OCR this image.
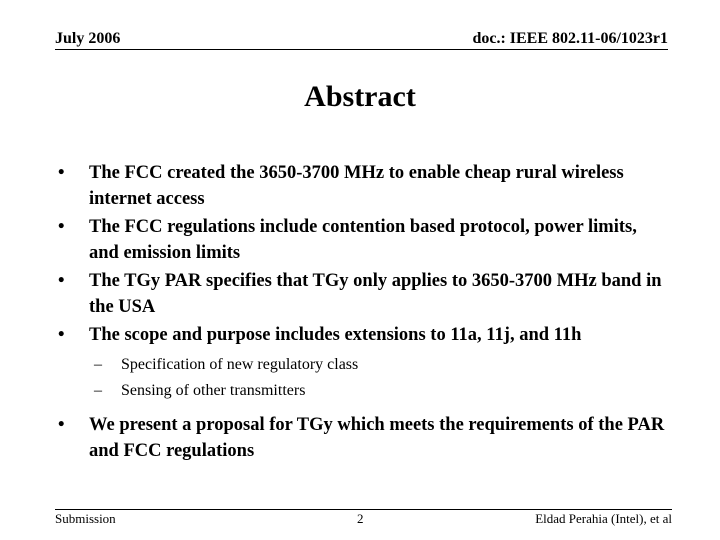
July 2006	doc.: IEEE 802.11-06/1023r1
Abstract
• The FCC created the 3650-3700 MHz to enable cheap rural wireless internet access
• The FCC regulations include contention based protocol, power limits, and emission limits
• The TGy PAR specifies that TGy only applies to 3650-3700 MHz band in the USA
• The scope and purpose includes extensions to 11a, 11j, and 11h
– Specification of new regulatory class
– Sensing of other transmitters
• We present a proposal for TGy which meets the requirements of the PAR and FCC regulations
Submission	2	Eldad Perahia (Intel), et al
